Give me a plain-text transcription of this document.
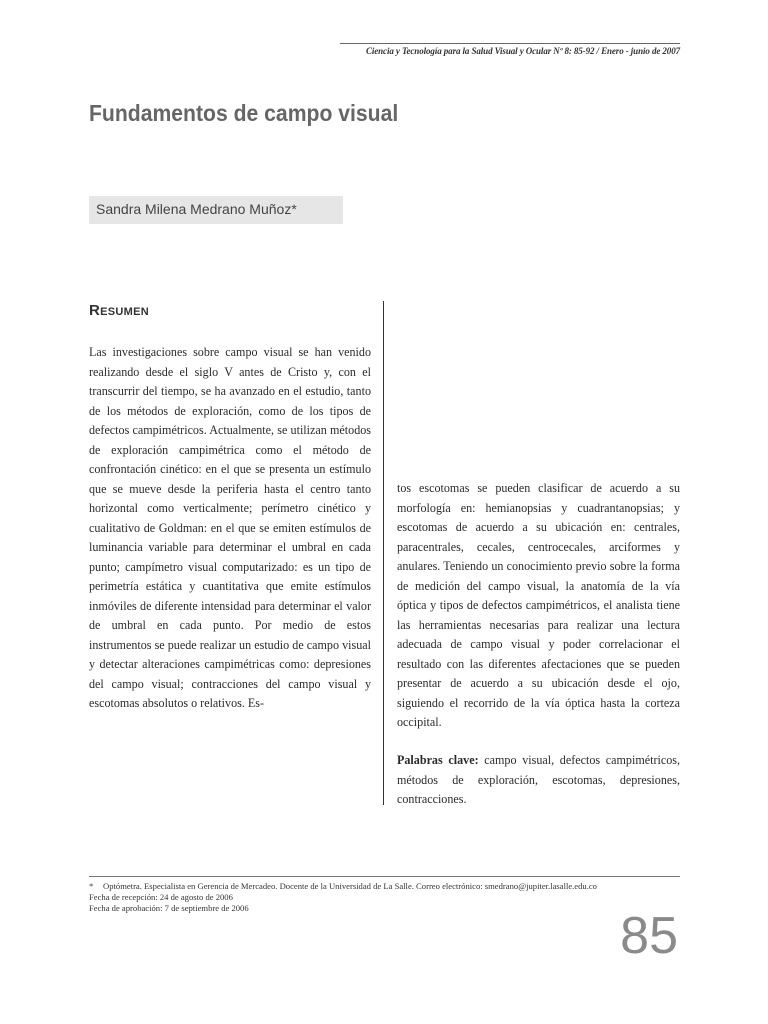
Ciencia y Tecnología para la Salud Visual y Ocular Nº 8: 85-92 / Enero - junio de 2007
Fundamentos de campo visual
Sandra Milena Medrano Muñoz*
Resumen

Las investigaciones sobre campo visual se han venido realizando desde el siglo V antes de Cristo y, con el transcurrir del tiempo, se ha avanzado en el estudio, tanto de los métodos de exploración, como de los tipos de defectos campimétricos. Actualmente, se utilizan métodos de exploración campimétrica como el método de confrontación cinético: en el que se presenta un estímulo que se mueve desde la periferia hasta el centro tanto horizontal como verticalmente; perímetro cinético y cualitativo de Goldman: en el que se emiten estímulos de luminancia variable para determinar el umbral en cada punto; campímetro visual computarizado: es un tipo de perimetría estática y cuantitativa que emite estímulos inmóviles de diferente intensidad para determinar el valor de umbral en cada punto. Por medio de estos instrumentos se puede realizar un estudio de campo visual y detectar alteraciones campimétricas como: depresiones del campo visual; contracciones del campo visual y escotomas absolutos o relativos. Es-

tos escotomas se pueden clasificar de acuerdo a su morfología en: hemianopsias y cuadrantanopsias; y escotomas de acuerdo a su ubicación en: centrales, paracentrales, cecales, centrocecales, arciformes y anulares. Teniendo un conocimiento previo sobre la forma de medición del campo visual, la anatomía de la vía óptica y tipos de defectos campimétricos, el analista tiene las herramientas necesarias para realizar una lectura adecuada de campo visual y poder correlacionar el resultado con las diferentes afectaciones que se pueden presentar de acuerdo a su ubicación desde el ojo, siguiendo el recorrido de la vía óptica hasta la corteza occipital.

Palabras clave: campo visual, defectos campimétricos, métodos de exploración, escotomas, depresiones, contracciones.

* Optómetra. Especialista en Gerencia de Mercadeo. Docente de la Universidad de La Salle. Correo electrónico: smedrano@jupiter.lasalle.edu.co
Fecha de recepción: 24 de agosto de 2006
Fecha de aprobación: 7 de septiembre de 2006	85
